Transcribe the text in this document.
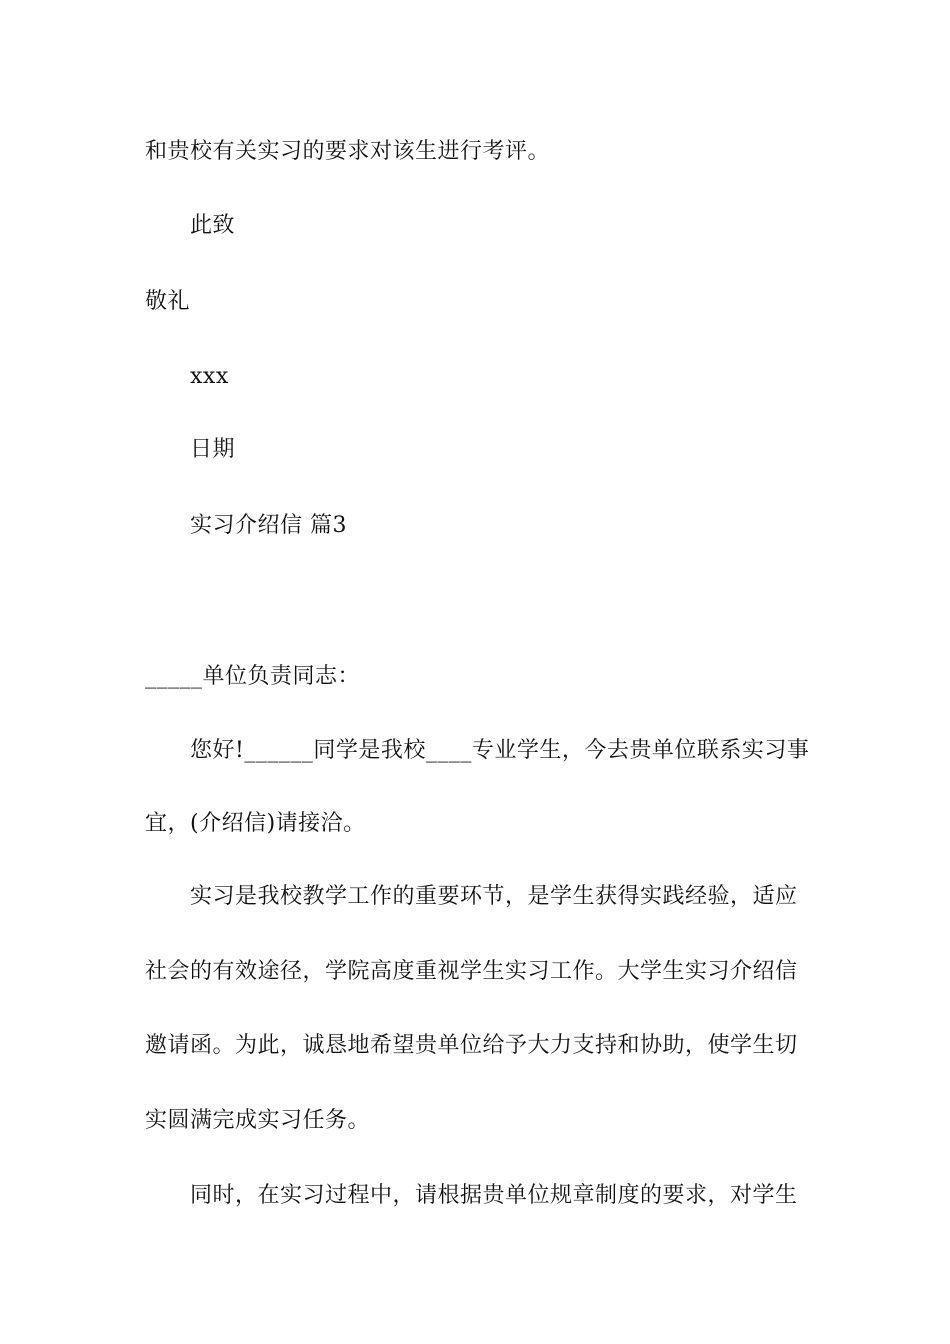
和贵校有关实习的要求对该生进行考评。
此致
敬礼
xxx
日期
实习介绍信 篇3
_____单位负责同志：
您好!______同学是我校____专业学生，今去贵单位联系实习事
宜，(介绍信)请接洽。
实习是我校教学工作的重要环节，是学生获得实践经验，适应
社会的有效途径，学院高度重视学生实习工作。大学生实习介绍信
邀请函。为此，诚恳地希望贵单位给予大力支持和协助，使学生切
实圆满完成实习任务。
同时，在实习过程中，请根据贵单位规章制度的要求，对学生
